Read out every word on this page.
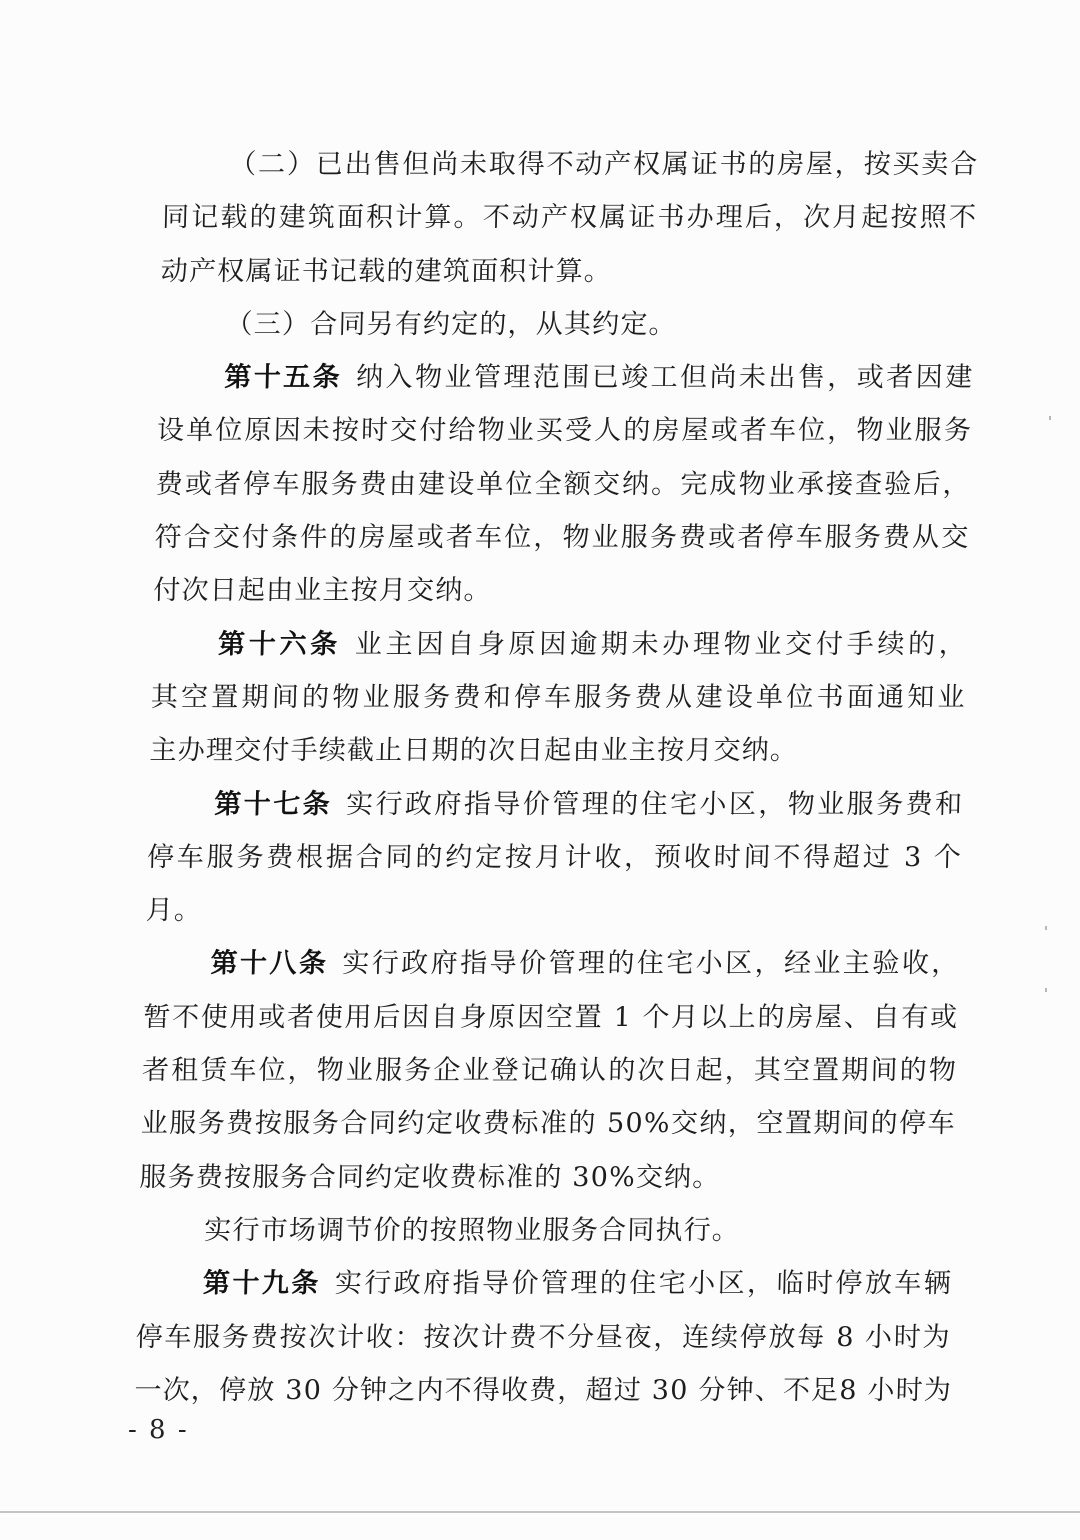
（二）已出售但尚未取得不动产权属证书的房屋，按买卖合
同记载的建筑面积计算。不动产权属证书办理后，次月起按照不
动产权属证书记载的建筑面积计算。
（三）合同另有约定的，从其约定。
第十五条 纳入物业管理范围已竣工但尚未出售，或者因建
设单位原因未按时交付给物业买受人的房屋或者车位，物业服务
费或者停车服务费由建设单位全额交纳。完成物业承接查验后，
符合交付条件的房屋或者车位，物业服务费或者停车服务费从交
付次日起由业主按月交纳。
第十六条 业主因自身原因逾期未办理物业交付手续的，
其空置期间的物业服务费和停车服务费从建设单位书面通知业
主办理交付手续截止日期的次日起由业主按月交纳。
第十七条 实行政府指导价管理的住宅小区，物业服务费和
停车服务费根据合同的约定按月计收，预收时间不得超过 3 个
月。
第十八条 实行政府指导价管理的住宅小区，经业主验收，
暂不使用或者使用后因自身原因空置 1 个月以上的房屋、自有或
者租赁车位，物业服务企业登记确认的次日起，其空置期间的物
业服务费按服务合同约定收费标准的 50%交纳，空置期间的停车
服务费按服务合同约定收费标准的 30%交纳。
实行市场调节价的按照物业服务合同执行。
第十九条 实行政府指导价管理的住宅小区，临时停放车辆
停车服务费按次计收：按次计费不分昼夜，连续停放每 8 小时为
一次，停放 30 分钟之内不得收费，超过 30 分钟、不足8 小时为
- 8 -
